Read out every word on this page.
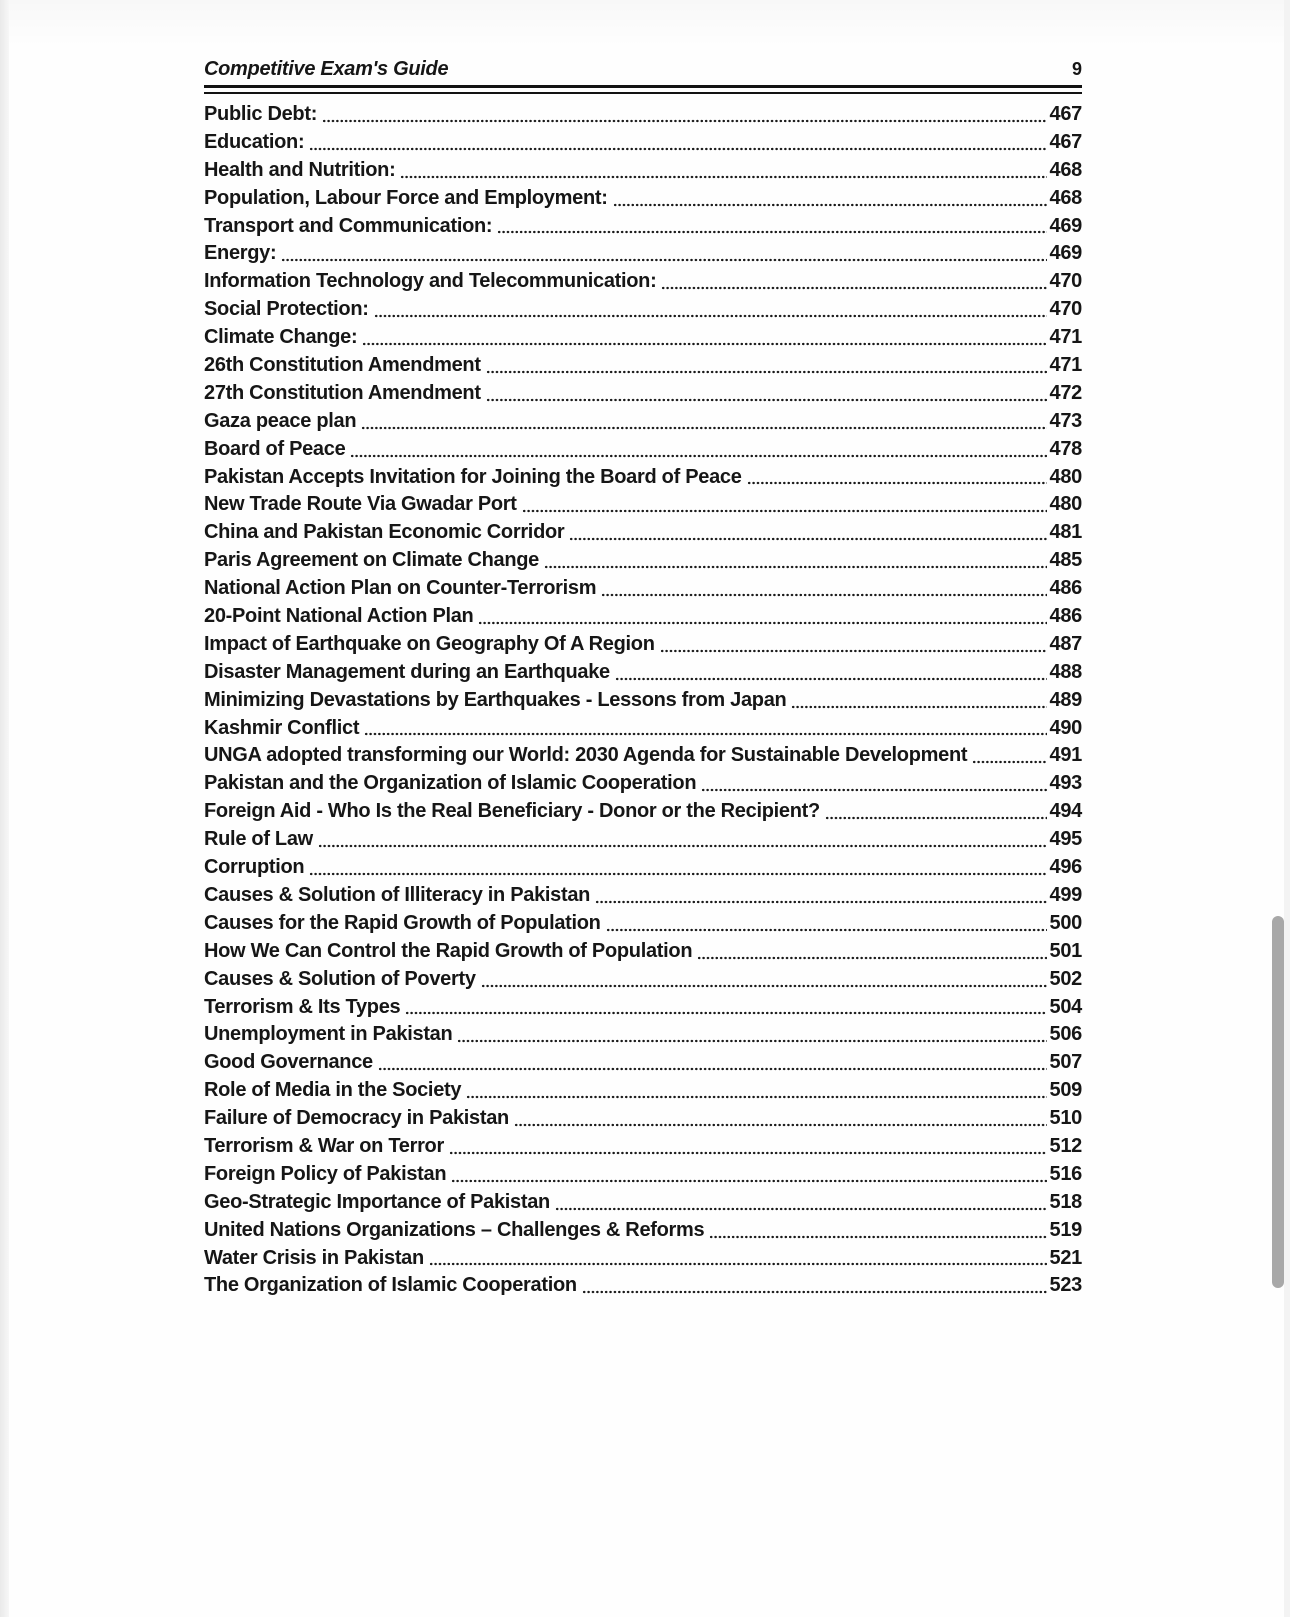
Competitive Exam's Guide	9
Public Debt:	467
Education:	467
Health and Nutrition:	468
Population, Labour Force and Employment:	468
Transport and Communication:	469
Energy:	469
Information Technology and Telecommunication:	470
Social Protection:	470
Climate Change:	471
26th Constitution Amendment	471
27th Constitution Amendment	472
Gaza peace plan	473
Board of Peace	478
Pakistan Accepts Invitation for Joining the Board of Peace	480
New Trade Route Via Gwadar Port	480
China and Pakistan Economic Corridor	481
Paris Agreement on Climate Change	485
National Action Plan on Counter-Terrorism	486
20-Point National Action Plan	486
Impact of Earthquake on Geography Of A Region	487
Disaster Management during an Earthquake	488
Minimizing Devastations by Earthquakes - Lessons from Japan	489
Kashmir Conflict	490
UNGA adopted transforming our World: 2030 Agenda for Sustainable Development	491
Pakistan and the Organization of Islamic Cooperation	493
Foreign Aid - Who Is the Real Beneficiary - Donor or the Recipient?	494
Rule of Law	495
Corruption	496
Causes & Solution of Illiteracy in Pakistan	499
Causes for the Rapid Growth of Population	500
How We Can Control the Rapid Growth of Population	501
Causes & Solution of Poverty	502
Terrorism & Its Types	504
Unemployment in Pakistan	506
Good Governance	507
Role of Media in the Society	509
Failure of Democracy in Pakistan	510
Terrorism & War on Terror	512
Foreign Policy of Pakistan	516
Geo-Strategic Importance of Pakistan	518
United Nations Organizations – Challenges & Reforms	519
Water Crisis in Pakistan	521
The Organization of Islamic Cooperation	523
